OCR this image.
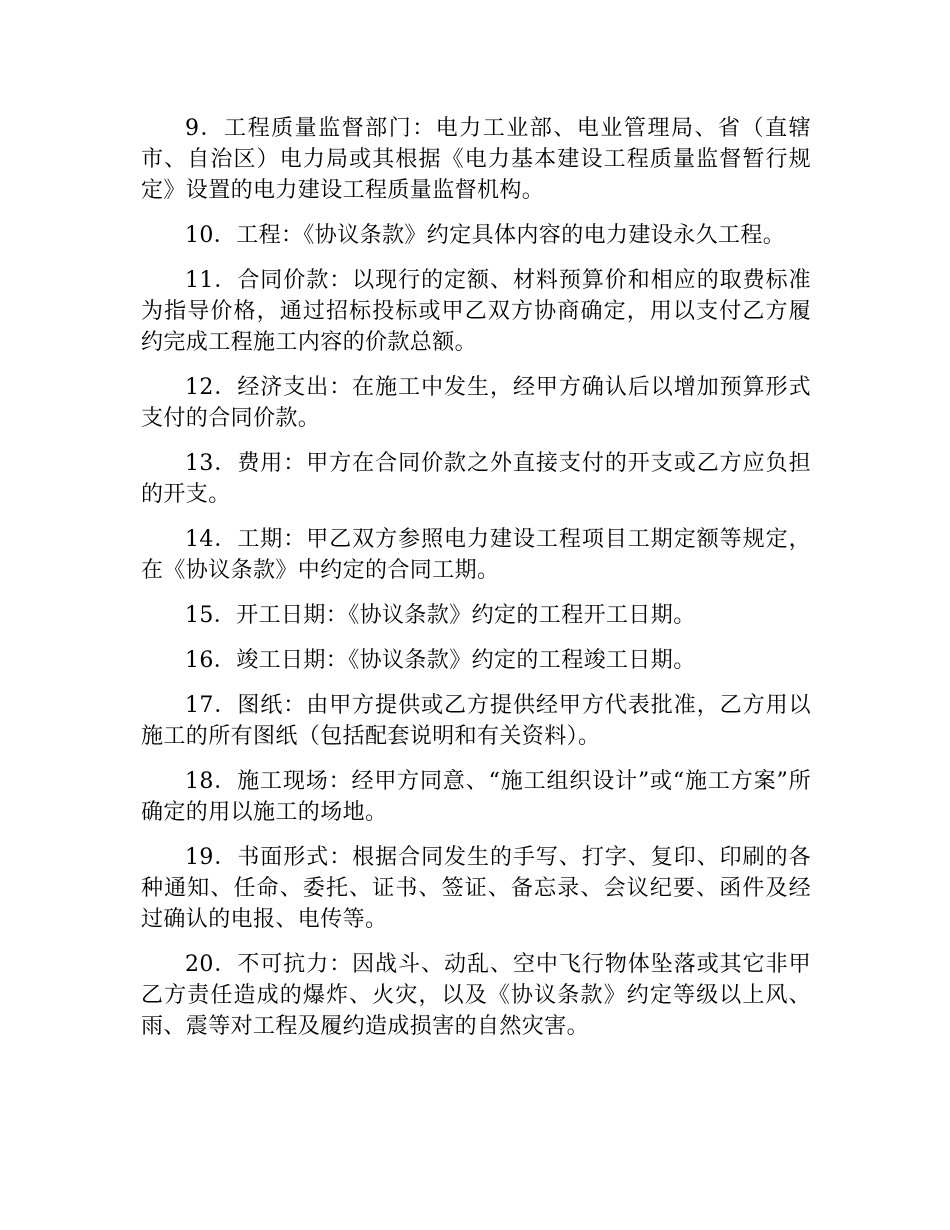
9．工程质量监督部门：电力工业部、电业管理局、省（直辖市、自治区）电力局或其根据《电力基本建设工程质量监督暂行规定》设置的电力建设工程质量监督机构。

10．工程：《协议条款》约定具体内容的电力建设永久工程。

11．合同价款：以现行的定额、材料预算价和相应的取费标准为指导价格，通过招标投标或甲乙双方协商确定，用以支付乙方履约完成工程施工内容的价款总额。

12．经济支出：在施工中发生，经甲方确认后以增加预算形式支付的合同价款。

13．费用：甲方在合同价款之外直接支付的开支或乙方应负担的开支。

14．工期：甲乙双方参照电力建设工程项目工期定额等规定，在《协议条款》中约定的合同工期。

15．开工日期：《协议条款》约定的工程开工日期。

16．竣工日期：《协议条款》约定的工程竣工日期。

17．图纸：由甲方提供或乙方提供经甲方代表批准，乙方用以施工的所有图纸（包括配套说明和有关资料）。

18．施工现场：经甲方同意、“施工组织设计”或“施工方案”所确定的用以施工的场地。

19．书面形式：根据合同发生的手写、打字、复印、印刷的各种通知、任命、委托、证书、签证、备忘录、会议纪要、函件及经过确认的电报、电传等。

20．不可抗力：因战斗、动乱、空中飞行物体坠落或其它非甲乙方责任造成的爆炸、火灾，以及《协议条款》约定等级以上风、雨、震等对工程及履约造成损害的自然灾害。
